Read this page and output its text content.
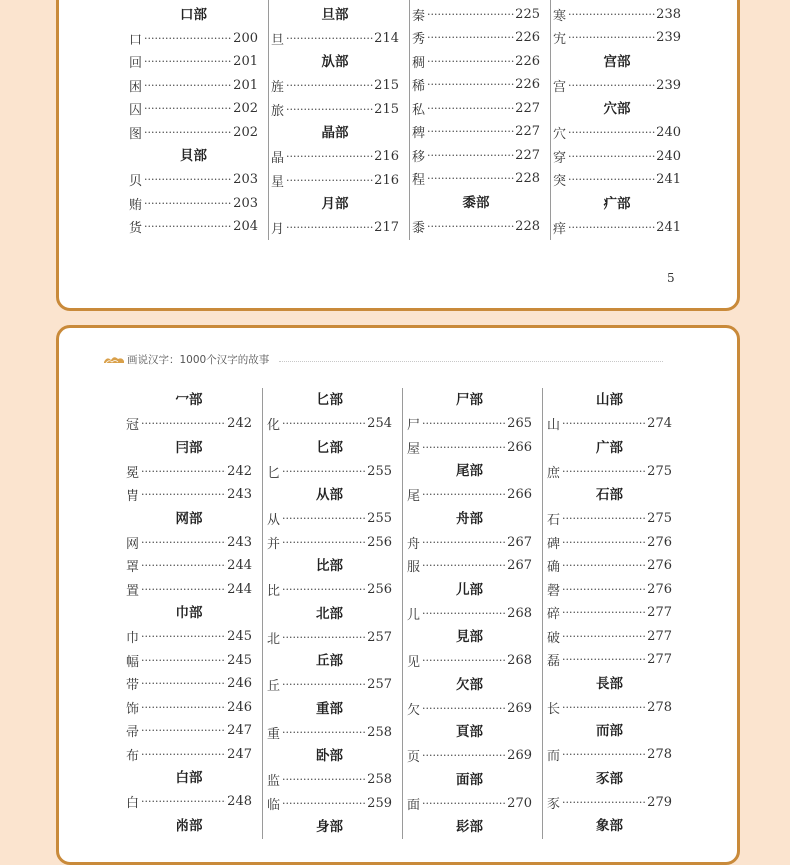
口部
口 ·····	200
回 ·····	201
困 ·····	201
囚 ·····	202
图 ·····	202
貝部
贝 ·····	203
贿 ·····	203
货 ·····	204
旦部
旦 ·····	214
㫃部
旌 ·····	215
旅 ·····	215
晶部
晶 ·····	216
星 ·····	216
月部
月 ·····	217
秦 ·····	225
秀 ·····	226
稠 ·····	226
稀 ·····	226
私 ·····	227
稗 ·····	227
移 ·····	227
程 ·····	228
黍部
黍 ·····	228
寒 ·····	238
宄 ·····	239
宫部
宫 ·····	239
穴部
穴 ·····	240
穿 ·····	240
突 ·····	241
疒部
痒 ·····	241
5
画说汉字：1000个汉字的故事
冖部
冠 ·····	242
冃部
冕 ·····	242
胄 ·····	243
网部
网 ·····	243
罩 ·····	244
置 ·····	244
巾部
巾 ·····	245
幅 ·····	245
带 ·····	246
饰 ·····	246
帚 ·····	247
布 ·····	247
白部
白 ·····	248
㡀部
匕部
化 ·····	254
匕部
匕 ·····	255
从部
从 ·····	255
并 ·····	256
比部
比 ·····	256
北部
北 ·····	257
丘部
丘 ·····	257
重部
重 ·····	258
卧部
监 ·····	258
临 ·····	259
身部
尸部
尸 ·····	265
屋 ·····	266
尾部
尾 ·····	266
舟部
舟 ·····	267
服 ·····	267
儿部
儿 ·····	268
見部
见 ·····	268
欠部
欠 ·····	269
頁部
页 ·····	269
面部
面 ·····	270
髟部
山部
山 ·····	274
广部
庶 ·····	275
石部
石 ·····	275
碑 ·····	276
确 ·····	276
磬 ·····	276
碎 ·····	277
破 ·····	277
磊 ·····	277
長部
长 ·····	278
而部
而 ·····	278
豕部
豕 ·····	279
象部
